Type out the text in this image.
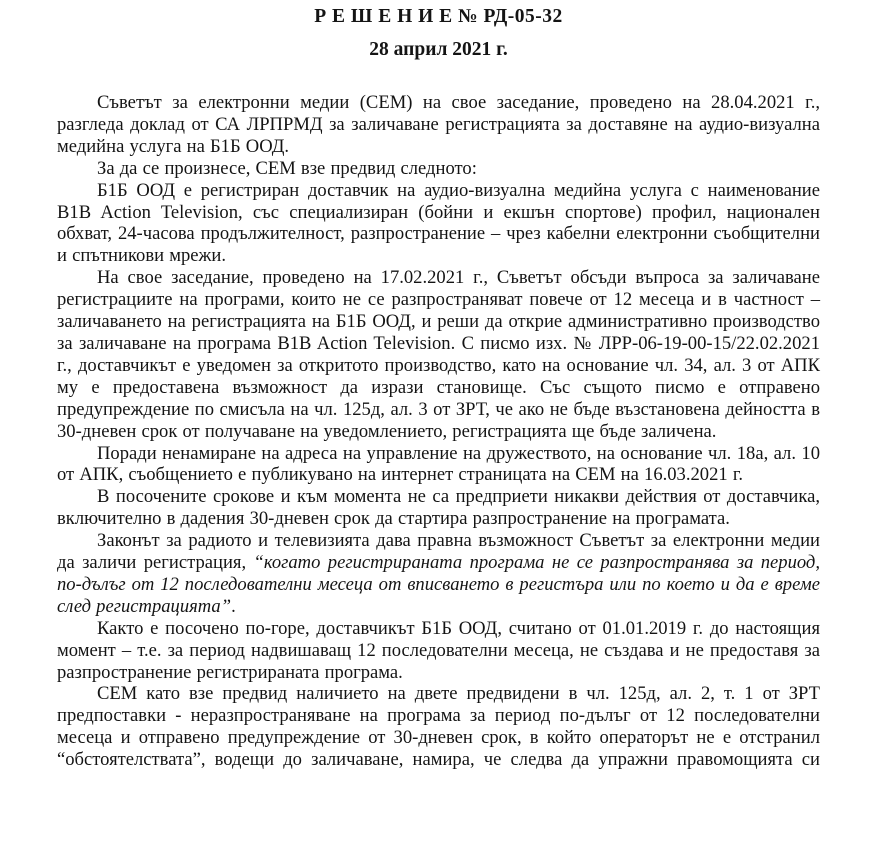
Р Е Ш Е Н И Е № РД-05-32
28 април 2021 г.

Съветът за електронни медии (СЕМ) на свое заседание, проведено на 28.04.2021 г., разгледа доклад от СА ЛРПРМД за заличаване регистрацията за доставяне на аудио-визуална медийна услуга на Б1Б ООД.

За да се произнесе, СЕМ взе предвид следното:

Б1Б ООД е регистриран доставчик на аудио-визуална медийна услуга с наименование B1B Action Television, със специализиран (бойни и екшън спортове) профил, национален обхват, 24-часова продължителност, разпространение – чрез кабелни електронни съобщителни и спътникови мрежи.

На свое заседание, проведено на 17.02.2021 г., Съветът обсъди въпроса за заличаване регистрациите на програми, които не се разпространяват повече от 12 месеца и в частност – заличаването на регистрацията на Б1Б ООД, и реши да открие административно производство за заличаване на програма B1B Action Television. С писмо изх. № ЛРР-06-19-00-15/22.02.2021 г., доставчикът е уведомен за откритото производство, като на основание чл. 34, ал. 3 от АПК му е предоставена възможност да изрази становище. Със същото писмо е отправено предупреждение по смисъла на чл. 125д, ал. 3 от ЗРТ, че ако не бъде възстановена дейността в 30-дневен срок от получаване на уведомлението, регистрацията ще бъде заличена.

Поради ненамиране на адреса на управление на дружеството, на основание чл. 18а, ал. 10 от АПК, съобщението е публикувано на интернет страницата на СЕМ на 16.03.2021 г.

В посочените срокове и към момента не са предприети никакви действия от доставчика, включително в дадения 30-дневен срок да стартира разпространение на програмата.

Законът за радиото и телевизията дава правна възможност Съветът за електронни медии да заличи регистрация, “когато регистрираната програма не се разпространява за период, по-дълъг от 12 последователни месеца от вписването в регистъра или по което и да е време след регистрацията”.

Както е посочено по-горе, доставчикът Б1Б ООД, считано от 01.01.2019 г. до настоящия момент – т.е. за период надвишаващ 12 последователни месеца, не създава и не предоставя за разпространение регистрираната програма.

СЕМ като взе предвид наличието на двете предвидени в чл. 125д, ал. 2, т. 1 от ЗРТ предпоставки - неразпространяване на програма за период по-дълъг от 12 последователни месеца и отправено предупреждение от 30-дневен срок, в който операторът не е отстранил “обстоятелствата”, водещи до заличаване, намира, че следва да упражни правомощията си
